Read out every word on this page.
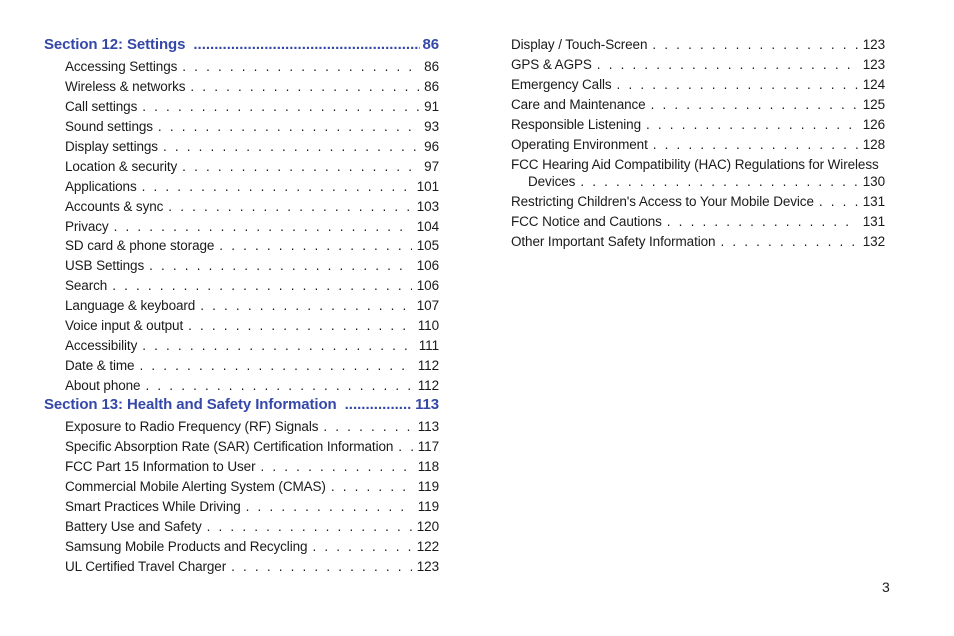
Section 12: Settings .....	86
Accessing Settings . . .	86
Wireless & networks . . .	86
Call settings . . .	91
Sound settings . . .	93
Display settings . . .	96
Location & security . . .	97
Applications . . .	101
Accounts & sync . . .	103
Privacy . . .	104
SD card & phone storage . . .	105
USB Settings . . .	106
Search . . .	106
Language & keyboard . . .	107
Voice input & output . . .	110
Accessibility . . .	111
Date & time . . .	112
About phone . . .	112
Section 13: Health and Safety Information .....	113
Exposure to Radio Frequency (RF) Signals . . .	113
Specific Absorption Rate (SAR) Certification Information . . . 117
FCC Part 15 Information to User . . .	118
Commercial Mobile Alerting System (CMAS) . . .	119
Smart Practices While Driving . . .	119
Battery Use and Safety . . .	120
Samsung Mobile Products and Recycling . . .	122
UL Certified Travel Charger . . .	123
Display / Touch-Screen . . .	123
GPS & AGPS . . .	123
Emergency Calls . . .	124
Care and Maintenance . . .	125
Responsible Listening . . .	126
Operating Environment . . .	128
FCC Hearing Aid Compatibility (HAC) Regulations for Wireless
Devices . . .	130
Restricting Children's Access to Your Mobile Device . . .	131
FCC Notice and Cautions . . .	131
Other Important Safety Information . . .	132
3
